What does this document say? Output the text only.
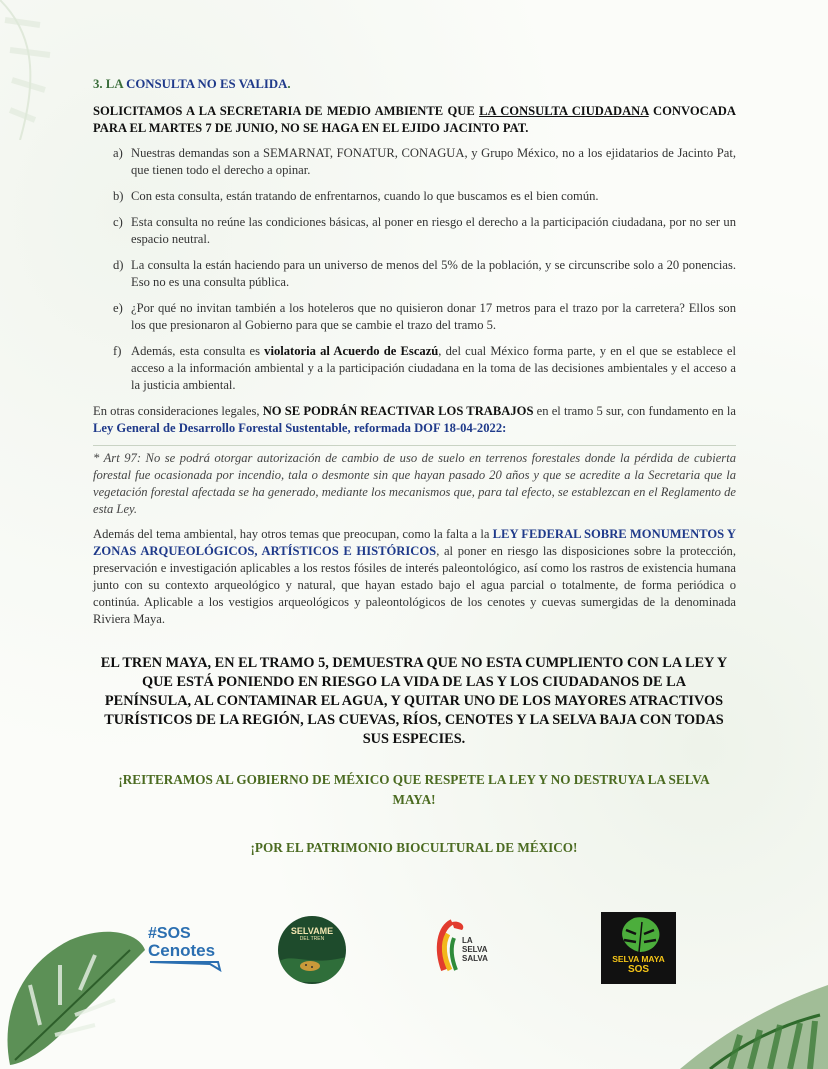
3. LA CONSULTA NO ES VALIDA.
SOLICITAMOS A LA SECRETARIA DE MEDIO AMBIENTE QUE LA CONSULTA CIUDADANA CONVOCADA PARA EL MARTES 7 DE JUNIO, NO SE HAGA EN EL EJIDO JACINTO PAT.
a) Nuestras demandas son a SEMARNAT, FONATUR, CONAGUA, y Grupo México, no a los ejidatarios de Jacinto Pat, que tienen todo el derecho a opinar.
b) Con esta consulta, están tratando de enfrentarnos, cuando lo que buscamos es el bien común.
c) Esta consulta no reúne las condiciones básicas, al poner en riesgo el derecho a la participación ciudadana, por no ser un espacio neutral.
d) La consulta la están haciendo para un universo de menos del 5% de la población, y se circunscribe solo a 20 ponencias. Eso no es una consulta pública.
e) ¿Por qué no invitan también a los hoteleros que no quisieron donar 17 metros para el trazo por la carretera? Ellos son los que presionaron al Gobierno para que se cambie el trazo del tramo 5.
f) Además, esta consulta es violatoria al Acuerdo de Escazú, del cual México forma parte, y en el que se establece el acceso a la información ambiental y a la participación ciudadana en la toma de las decisiones ambientales y el acceso a la justicia ambiental.

En otras consideraciones legales, NO SE PODRÁN REACTIVAR LOS TRABAJOS en el tramo 5 sur, con fundamento en la Ley General de Desarrollo Forestal Sustentable, reformada DOF 18-04-2022:

* Art 97: No se podrá otorgar autorización de cambio de uso de suelo en terrenos forestales donde la pérdida de cubierta forestal fue ocasionada por incendio, tala o desmonte sin que hayan pasado 20 años y que se acredite a la Secretaria que la vegetación forestal afectada se ha generado, mediante los mecanismos que, para tal efecto, se establezcan en el Reglamento de esta Ley.

Además del tema ambiental, hay otros temas que preocupan, como la falta a la LEY FEDERAL SOBRE MONUMENTOS Y ZONAS ARQUEOLÓGICOS, ARTÍSTICOS E HISTÓRICOS, al poner en riesgo las disposiciones sobre la protección, preservación e investigación aplicables a los restos fósiles de interés paleontológico, así como los rastros de existencia humana junto con su contexto arqueológico y natural, que hayan estado bajo el agua parcial o totalmente, de forma periódica o continúa. Aplicable a los vestigios arqueológicos y paleontológicos de los cenotes y cuevas sumergidas de la denominada Riviera Maya.

EL TREN MAYA, EN EL TRAMO 5, DEMUESTRA QUE NO ESTA CUMPLIENTO CON LA LEY Y QUE ESTÁ PONIENDO EN RIESGO LA VIDA DE LAS Y LOS CIUDADANOS DE LA PENÍNSULA, AL CONTAMINAR EL AGUA, Y QUITAR UNO DE LOS MAYORES ATRACTIVOS TURÍSTICOS DE LA REGIÓN, LAS CUEVAS, RÍOS, CENOTES Y LA SELVA BAJA CON TODAS SUS ESPECIES.
¡REITERAMOS AL GOBIERNO DE MÉXICO QUE RESPETE LA LEY Y NO DESTRUYA LA SELVA MAYA!
¡POR EL PATRIMONIO BIOCULTURAL DE MÉXICO!
#SOS
Cenotes
SELVAME
DEL TREN	LA
SELVA
SALVA	SELVA MAYA
SOS
